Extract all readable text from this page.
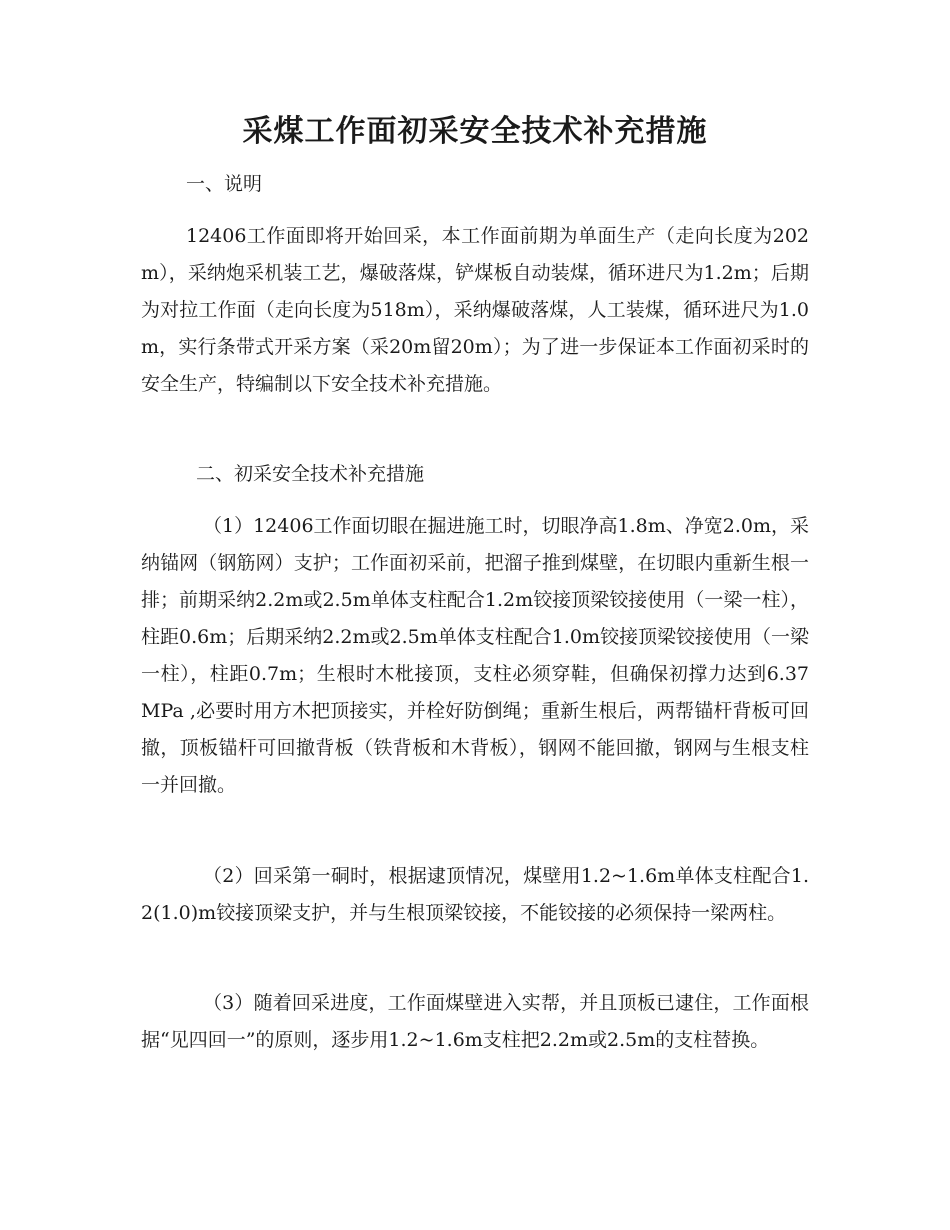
采煤工作面初采安全技术补充措施

一、说明

12406工作面即将开始回采，本工作面前期为单面生产（走向长度为202m），采纳炮采机装工艺，爆破落煤，铲煤板自动装煤，循环进尺为1.2m；后期为对拉工作面（走向长度为518m），采纳爆破落煤，人工装煤，循环进尺为1.0m，实行条带式开采方案（采20m留20m）；为了进一步保证本工作面初采时的安全生产，特编制以下安全技术补充措施。

二、初采安全技术补充措施

（1）12406工作面切眼在掘进施工时，切眼净高1.8m、净宽2.0m，采纳锚网（钢筋网）支护；工作面初采前，把溜子推到煤壁，在切眼内重新生根一排；前期采纳2.2m或2.5m单体支柱配合1.2m铰接顶梁铰接使用（一梁一柱），柱距0.6m；后期采纳2.2m或2.5m单体支柱配合1.0m铰接顶梁铰接使用（一梁一柱），柱距0.7m；生根时木枇接顶，支柱必须穿鞋，但确保初撑力达到6.37MPa ,必要时用方木把顶接实，并栓好防倒绳；重新生根后，两帮锚杆背板可回撤，顶板锚杆可回撤背板（铁背板和木背板），钢网不能回撤，钢网与生根支柱一并回撤。

（2）回采第一硐时，根据逮顶情况，煤壁用1.2~1.6m单体支柱配合1.2(1.0)m铰接顶梁支护，并与生根顶梁铰接，不能铰接的必须保持一梁两柱。

（3）随着回采进度，工作面煤壁进入实帮，并且顶板已逮住，工作面根据“见四回一”的原则，逐步用1.2~1.6m支柱把2.2m或2.5m的支柱替换。
